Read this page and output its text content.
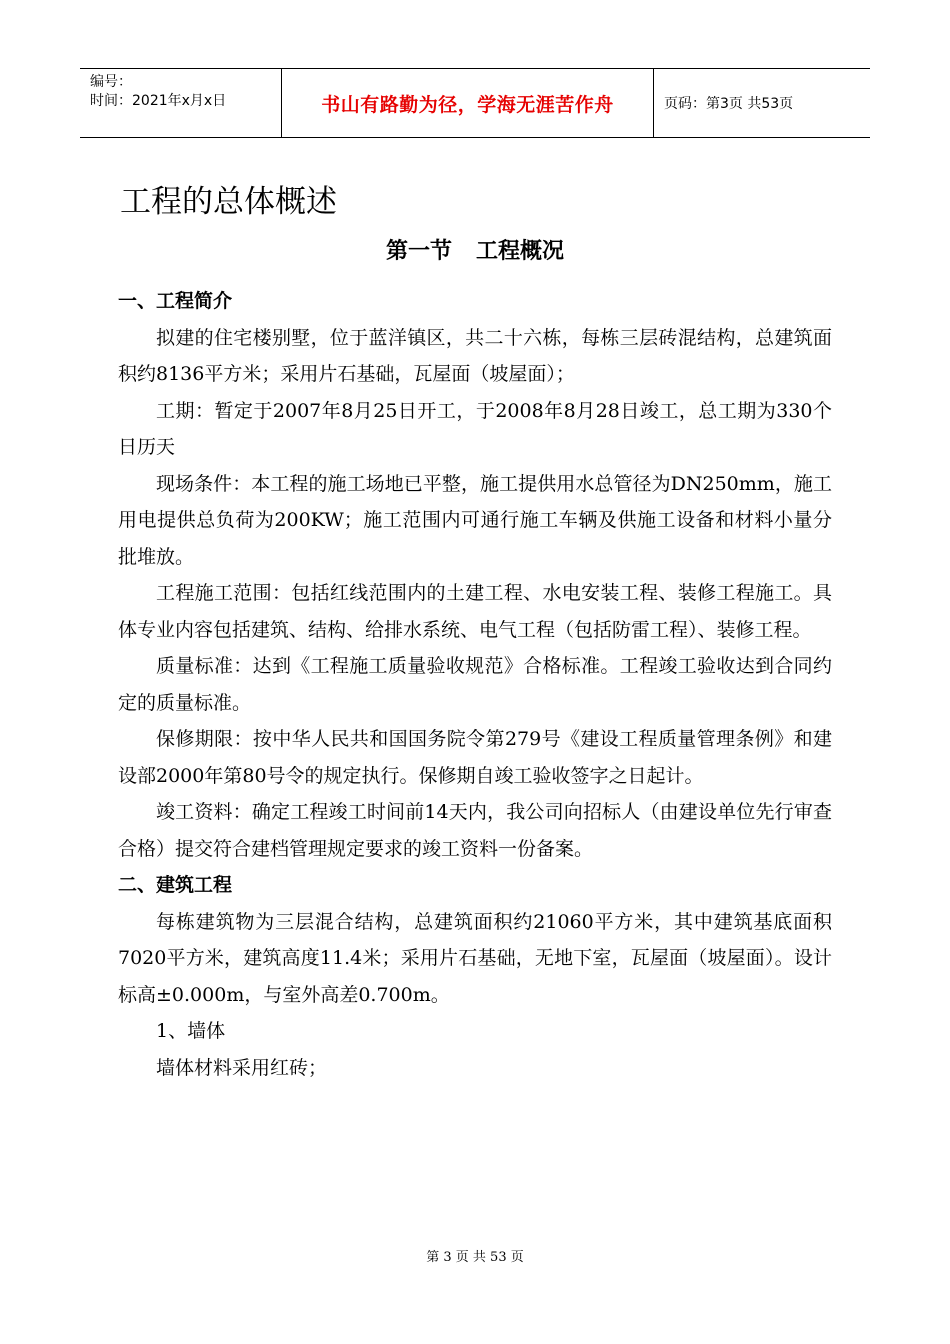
编号：
时间：2021年x月x日	书山有路勤为径，学海无涯苦作舟	页码：第3页 共53页
工程的总体概述
第一节 工程概况

一、工程简介

拟建的住宅楼别墅，位于蓝洋镇区，共二十六栋，每栋三层砖混结构，总建筑面积约8136平方米；采用片石基础，瓦屋面（坡屋面）；

工期：暂定于2007年8月25日开工，于2008年8月28日竣工，总工期为330个日历天

现场条件：本工程的施工场地已平整，施工提供用水总管径为DN250mm，施工用电提供总负荷为200KW；施工范围内可通行施工车辆及供施工设备和材料小量分批堆放。

工程施工范围：包括红线范围内的土建工程、水电安装工程、装修工程施工。具体专业内容包括建筑、结构、给排水系统、电气工程（包括防雷工程）、装修工程。

质量标准：达到《工程施工质量验收规范》合格标准。工程竣工验收达到合同约定的质量标准。

保修期限：按中华人民共和国国务院令第279号《建设工程质量管理条例》和建设部2000年第80号令的规定执行。保修期自竣工验收签字之日起计。

竣工资料：确定工程竣工时间前14天内，我公司向招标人（由建设单位先行审查合格）提交符合建档管理规定要求的竣工资料一份备案。

二、建筑工程

每栋建筑物为三层混合结构，总建筑面积约21060平方米，其中建筑基底面积7020平方米，建筑高度11.4米；采用片石基础，无地下室，瓦屋面（坡屋面）。设计标高±0.000m，与室外高差0.700m。

1、墙体

墙体材料采用红砖；

第 3 页 共 53 页
